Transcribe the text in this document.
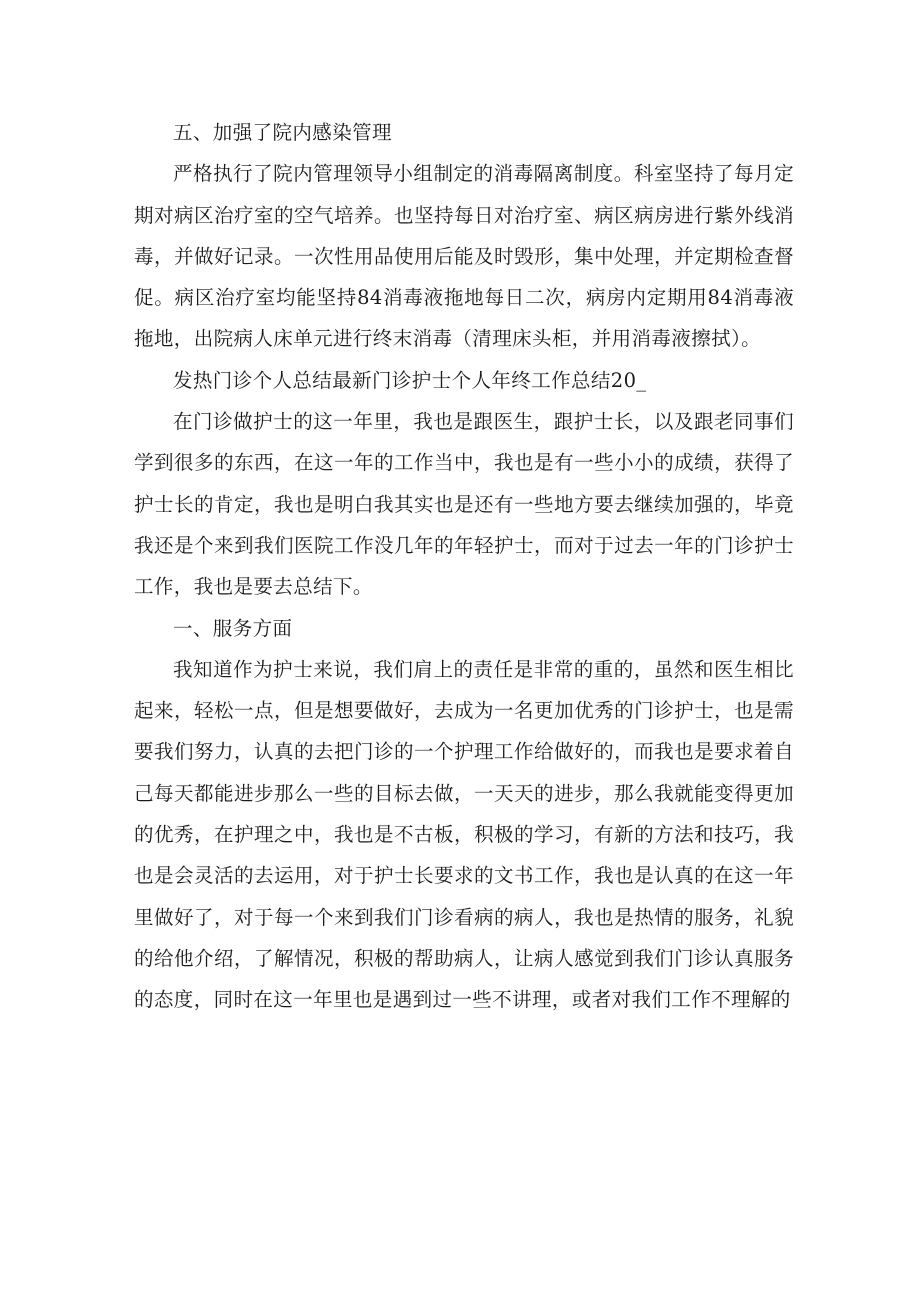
五、加强了院内感染管理

严格执行了院内管理领导小组制定的消毒隔离制度。科室坚持了每月定期对病区治疗室的空气培养。也坚持每日对治疗室、病区病房进行紫外线消毒，并做好记录。一次性用品使用后能及时毁形，集中处理，并定期检查督促。病区治疗室均能坚持84消毒液拖地每日二次，病房内定期用84消毒液拖地，出院病人床单元进行终末消毒（清理床头柜，并用消毒液擦拭）。

发热门诊个人总结最新门诊护士个人年终工作总结20_

在门诊做护士的这一年里，我也是跟医生，跟护士长，以及跟老同事们学到很多的东西，在这一年的工作当中，我也是有一些小小的成绩，获得了护士长的肯定，我也是明白我其实也是还有一些地方要去继续加强的，毕竟我还是个来到我们医院工作没几年的年轻护士，而对于过去一年的门诊护士工作，我也是要去总结下。

一、服务方面

我知道作为护士来说，我们肩上的责任是非常的重的，虽然和医生相比起来，轻松一点，但是想要做好，去成为一名更加优秀的门诊护士，也是需要我们努力，认真的去把门诊的一个护理工作给做好的，而我也是要求着自己每天都能进步那么一些的目标去做，一天天的进步，那么我就能变得更加的优秀，在护理之中，我也是不古板，积极的学习，有新的方法和技巧，我也是会灵活的去运用，对于护士长要求的文书工作，我也是认真的在这一年里做好了，对于每一个来到我们门诊看病的病人，我也是热情的服务，礼貌的给他介绍，了解情况，积极的帮助病人，让病人感觉到我们门诊认真服务的态度，同时在这一年里也是遇到过一些不讲理，或者对我们工作不理解的
